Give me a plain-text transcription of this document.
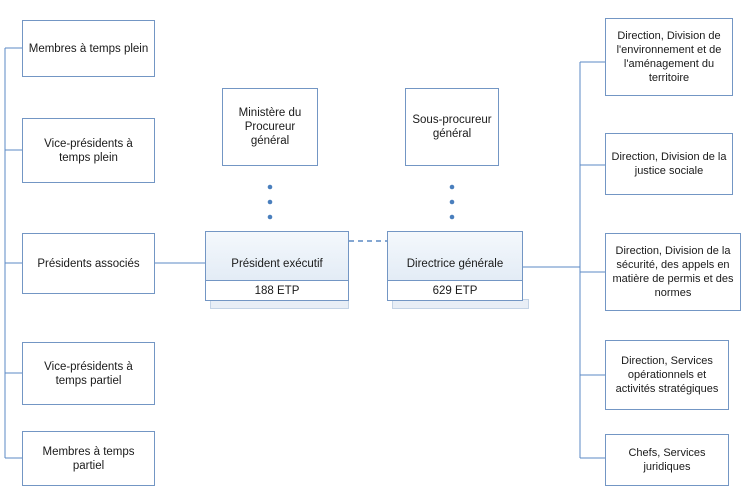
Membres à temps plein
Vice-présidents à temps plein
Présidents associés
Vice-présidents à temps partiel
Membres à temps partiel
Ministère du Procureur général
Sous-procureur général
Président exécutif
188 ETP
Directrice générale
629 ETP
Direction, Division de l'environnement et de l'aménagement du territoire
Direction, Division de la justice sociale
Direction, Division de la sécurité, des appels en matière de permis et des normes
Direction, Services opérationnels et activités stratégiques
Chefs, Services juridiques
